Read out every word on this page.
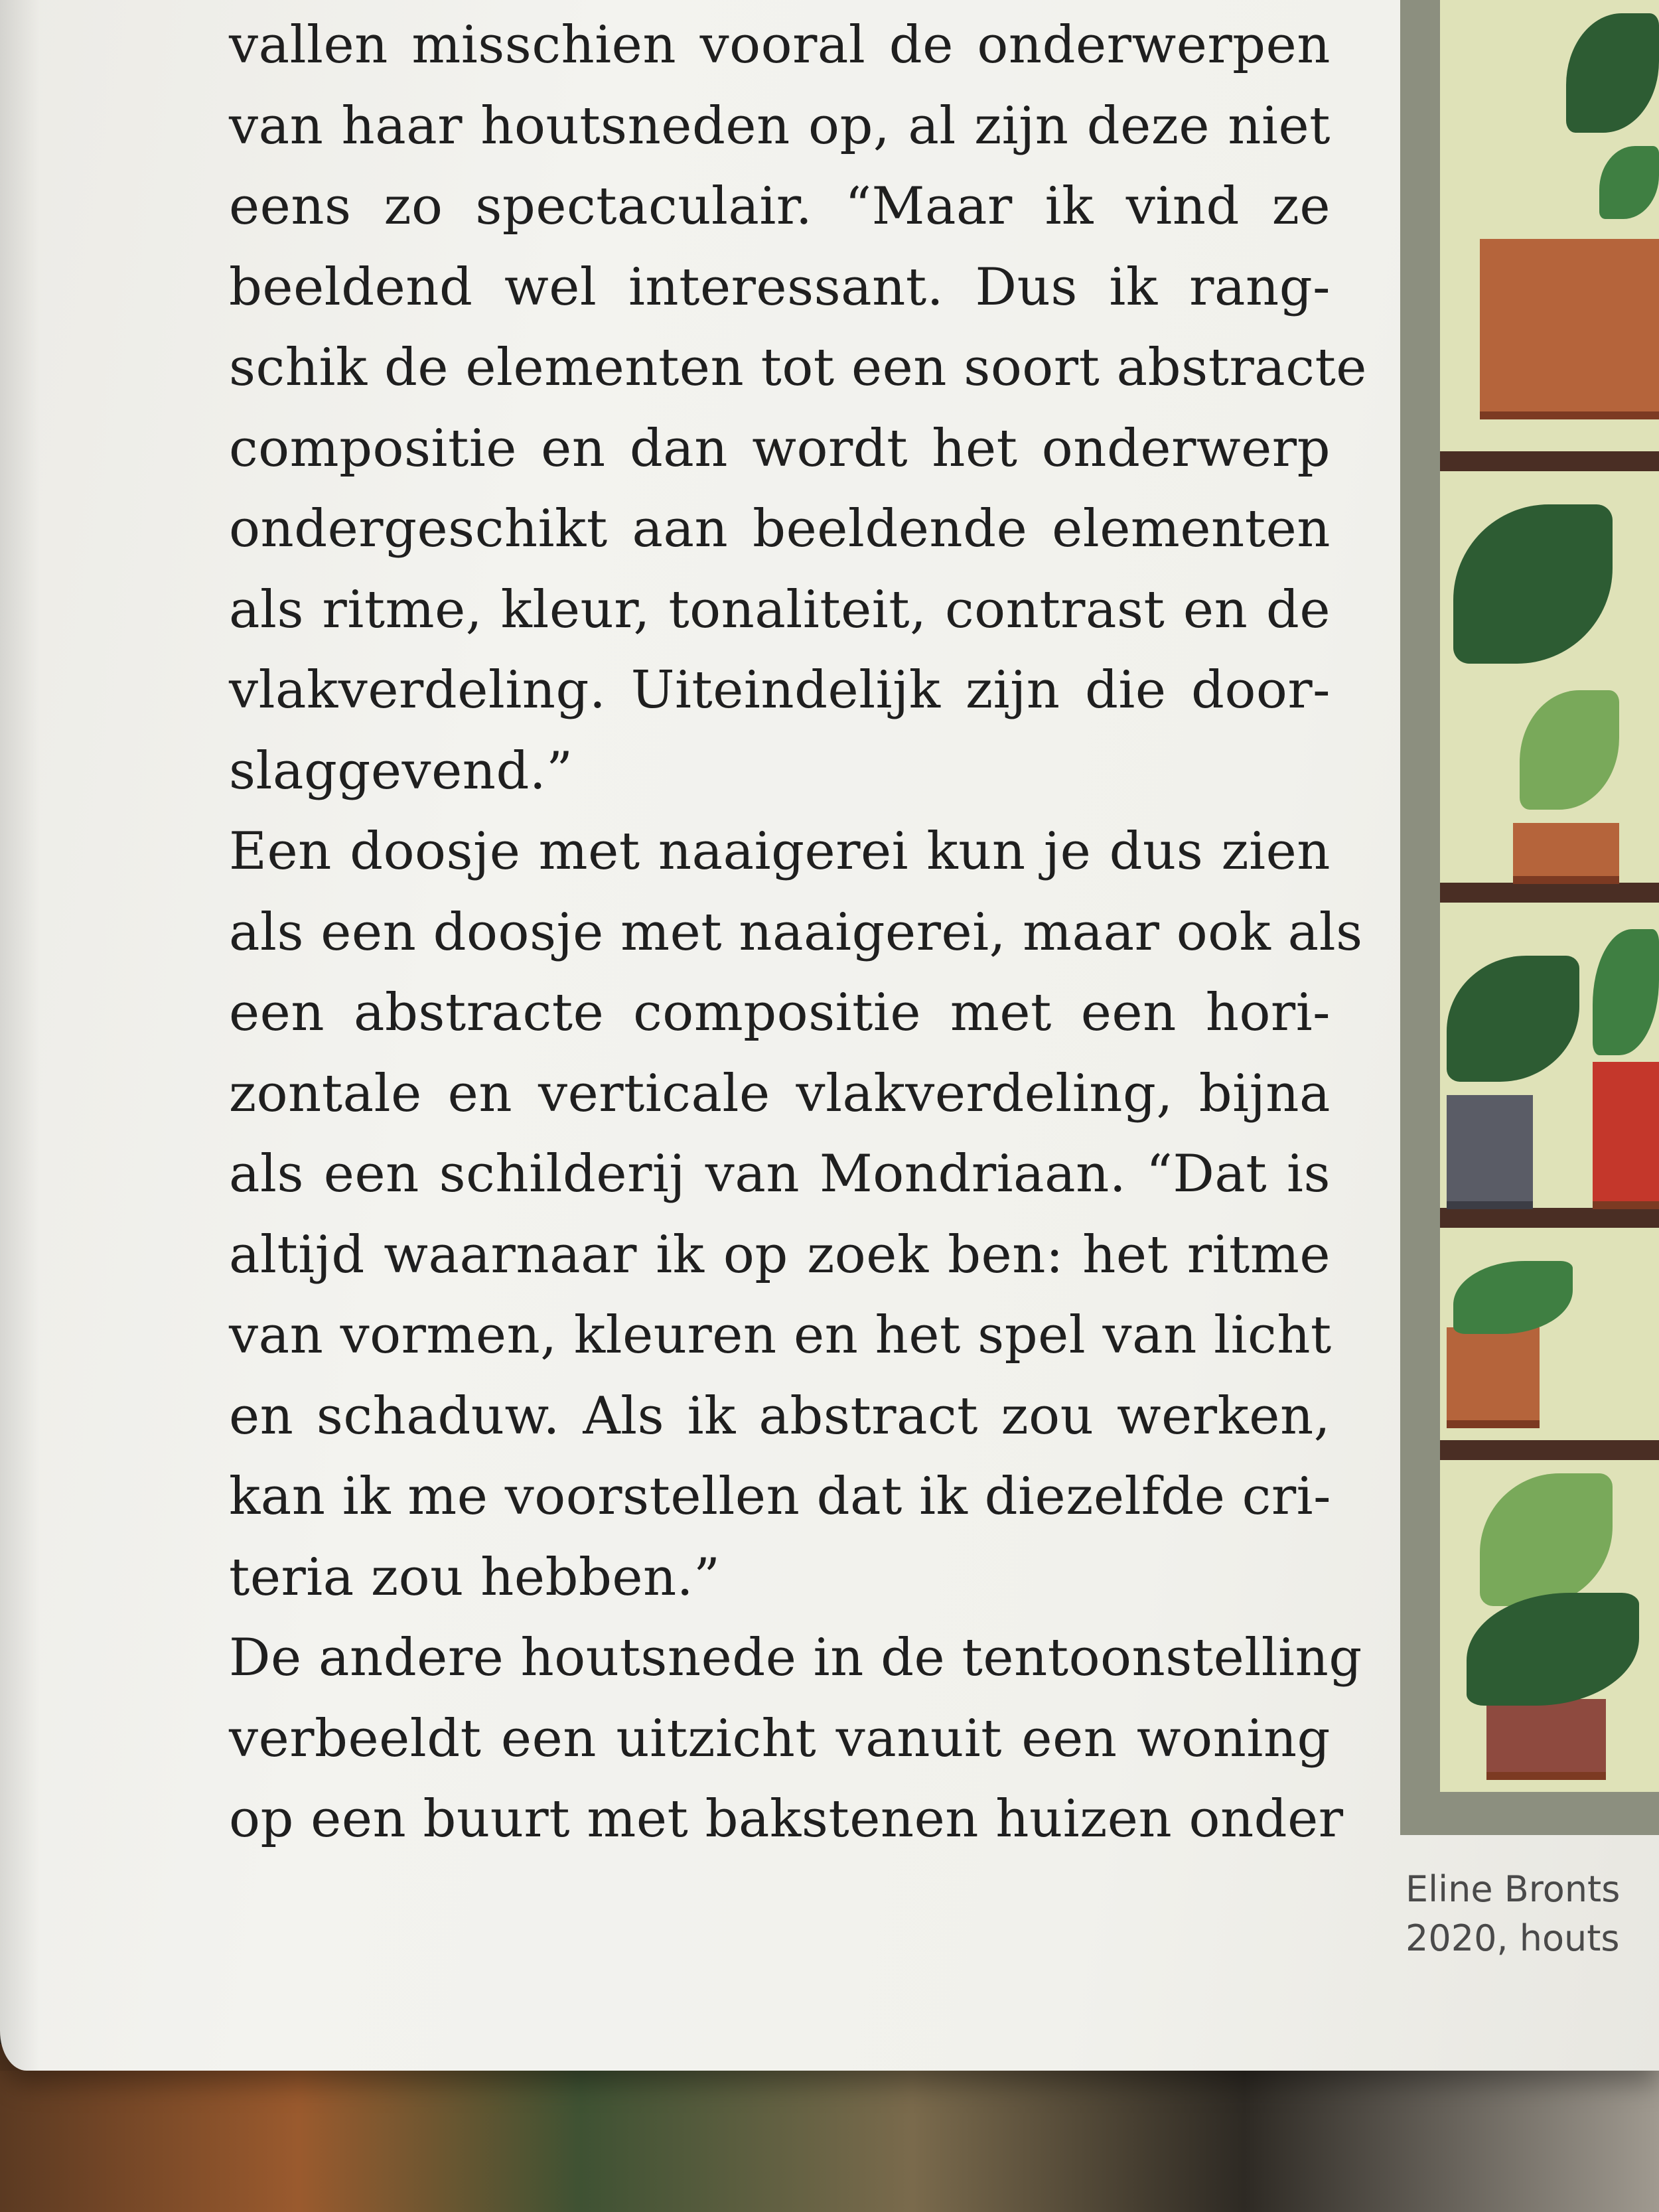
vallen misschien vooral de onderwerpen
van haar houtsneden op, al zijn deze niet
eens zo spectaculair. “Maar ik vind ze
beeldend wel interessant. Dus ik rang-
schik de elementen tot een soort abstracte
compositie en dan wordt het onderwerp
ondergeschikt aan beeldende elementen
als ritme, kleur, tonaliteit, contrast en de
vlakverdeling. Uiteindelijk zijn die door-
slaggevend.”
Een doosje met naaigerei kun je dus zien
als een doosje met naaigerei, maar ook als
een abstracte compositie met een hori-
zontale en verticale vlakverdeling, bijna
als een schilderij van Mondriaan. “Dat is
altijd waarnaar ik op zoek ben: het ritme
van vormen, kleuren en het spel van licht
en schaduw. Als ik abstract zou werken,
kan ik me voorstellen dat ik diezelfde cri-
teria zou hebben.”
De andere houtsnede in de tentoonstelling
verbeeldt een uitzicht vanuit een woning
op een buurt met bakstenen huizen onder
Eline Bronts
2020, houts
